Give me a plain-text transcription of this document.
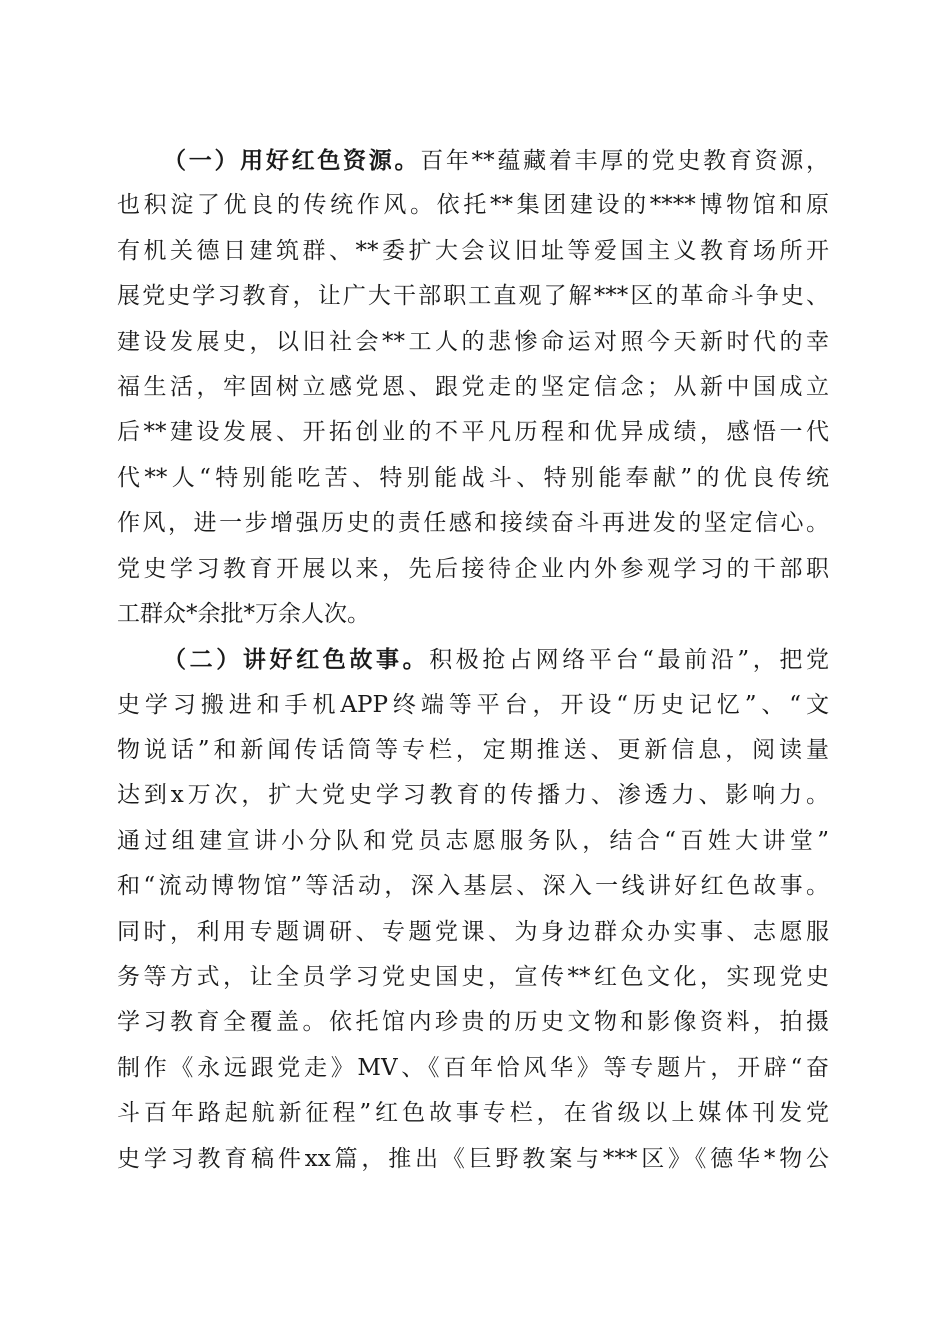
（一）用好红色资源。百年**蕴藏着丰厚的党史教育资源，
也积淀了优良的传统作风。依托**集团建设的****博物馆和原
有机关德日建筑群、**委扩大会议旧址等爱国主义教育场所开
展党史学习教育，让广大干部职工直观了解***区的革命斗争史、
建设发展史，以旧社会**工人的悲惨命运对照今天新时代的幸
福生活，牢固树立感党恩、跟党走的坚定信念；从新中国成立
后**建设发展、开拓创业的不平凡历程和优异成绩，感悟一代
代**人“特别能吃苦、特别能战斗、特别能奉献”的优良传统
作风，进一步增强历史的责任感和接续奋斗再进发的坚定信心。
党史学习教育开展以来，先后接待企业内外参观学习的干部职
工群众*余批*万余人次。
（二）讲好红色故事。积极抢占网络平台“最前沿”，把党
史学习搬进和手机APP终端等平台，开设“历史记忆”、“文
物说话”和新闻传话筒等专栏，定期推送、更新信息，阅读量
达到x万次，扩大党史学习教育的传播力、渗透力、影响力。
通过组建宣讲小分队和党员志愿服务队，结合“百姓大讲堂”
和“流动博物馆”等活动，深入基层、深入一线讲好红色故事。
同时，利用专题调研、专题党课、为身边群众办实事、志愿服
务等方式，让全员学习党史国史，宣传**红色文化，实现党史
学习教育全覆盖。依托馆内珍贵的历史文物和影像资料，拍摄
制作《永远跟党走》MV、《百年恰风华》等专题片，开辟“奋
斗百年路起航新征程”红色故事专栏，在省级以上媒体刊发党
史学习教育稿件xx篇，推出《巨野教案与***区》《德华*物公
